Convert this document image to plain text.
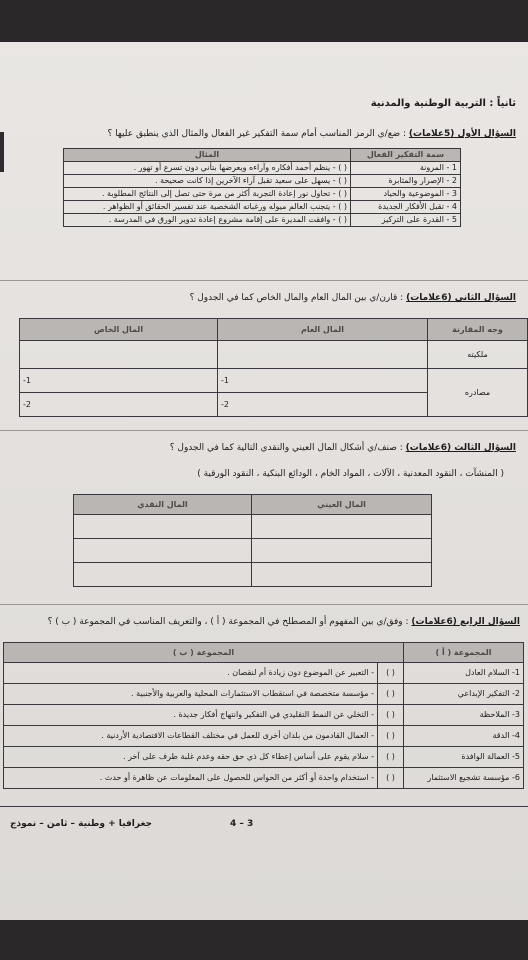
ثانياً : التربية الوطنية والمدنية
السؤال الأول (5علامات) : ضع/ي الرمز المناسب أمام سمة التفكير غير الفعال والمثال الذي ينطبق عليها ؟
سمة التفكير الفعال	المثال
1 - المرونة	( ) - ينظم أحمد أفكاره وآراءه ويعرضها بتأني دون تسرع أو تهور .
2 - الإصرار والمثابرة	( ) - يسهل على سعيد تقبل آراء الآخرين إذا كانت صحيحة .
3 - الموضوعية والحياد	( ) - تحاول نور إعادة التجربة أكثر من مرة حتى تصل إلى النتائج المطلوبة .
4 - تقبل الأفكار الجديدة	( ) - يتجنب العالم ميوله ورغباته الشخصية عند تفسير الحقائق أو الظواهر .
5 - القدرة على التركيز	( ) - وافقت المديرة على إقامة مشروع إعادة تدوير الورق في المدرسة .
السؤال الثاني (6علامات) : قارن/ي بين المال العام والمال الخاص كما في الجدول ؟
وجه المقارنة	المال العام	المال الخاص
ملكيته		
مصادره	-1	-1
	-2	-2
السؤال الثالث (6علامات) : صنف/ي أشكال المال العيني والنقدي التالية كما في الجدول ؟
( المنشآت ، النقود المعدنية ، الآلات ، المواد الخام ، الودائع البنكية ، النقود الورقية )
المال العيني	المال النقدي

السؤال الرابع (6علامات) : وفق/ي بين المفهوم أو المصطلح في المجموعة ( أ ) ، والتعريف المناسب في المجموعة ( ب ) ؟
المجموعة ( أ )	المجموعة ( ب )	
1- السلام العادل	( )	- التعبير عن الموضوع دون زيادة أم لنقصان .
2- التفكير الإبداعي	( )	- مؤسسة متخصصة في استقطاب الاستثمارات المحلية والعربية والأجنبية .
3- الملاحظة	( )	- التخلي عن النمط التقليدي في التفكير وانتهاج أفكار جديدة .
4- الدقة	( )	- العمال القادمون من بلدان أخرى للعمل في مختلف القطاعات الاقتصادية الأردنية .
5- العمالة الوافدة	( )	- سلام يقوم على أساس إعطاء كل ذي حق حقه وعدم غلبة طرف على آخر .
6- مؤسسة تشجيع الاستثمار	( )	- استخدام واحدة أو أكثر من الحواس للحصول على المعلومات عن ظاهرة أو حدث .
جغرافيا + وطنية – ثامن – نموذج	4 – 3
